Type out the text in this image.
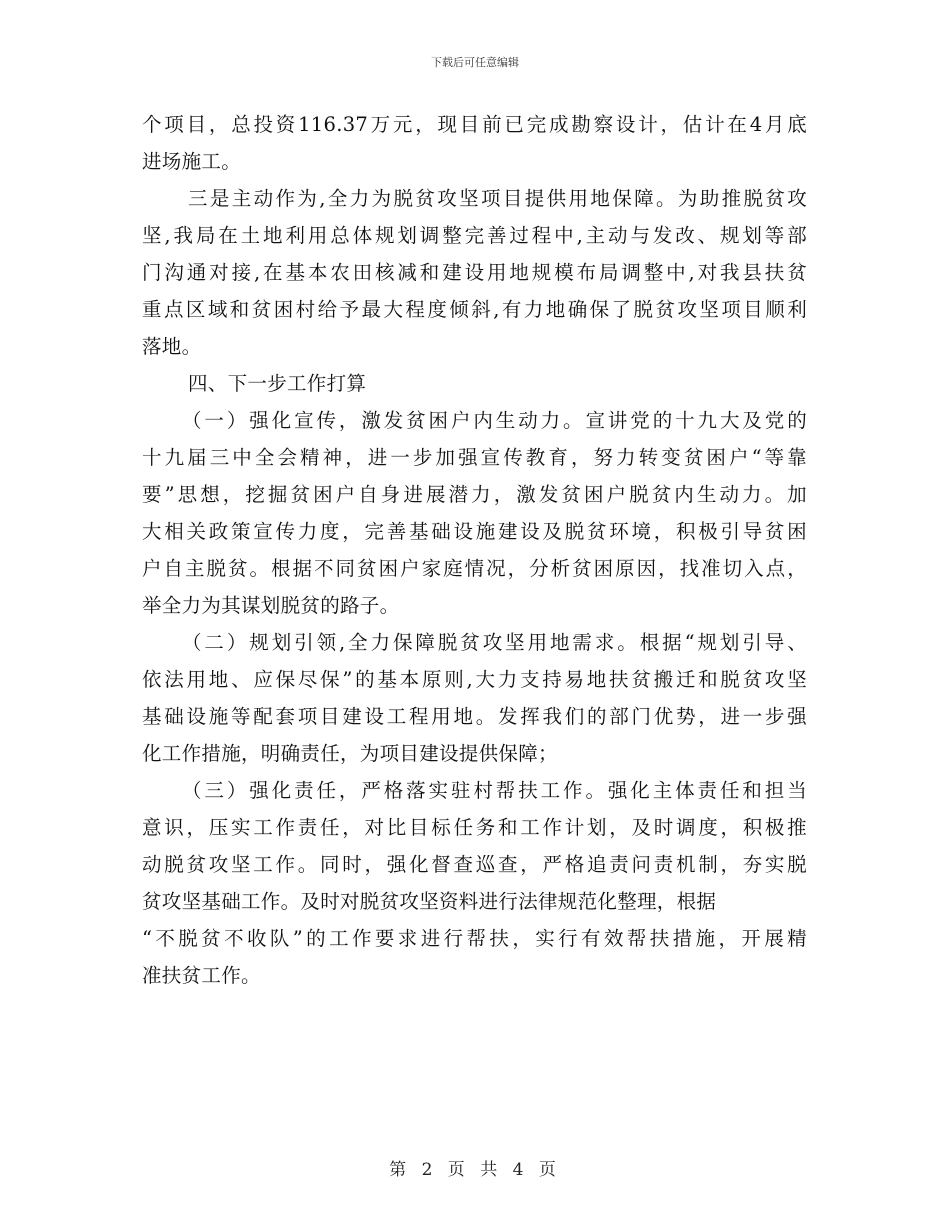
下载后可任意编辑
个项目，总投资116.37万元，现目前已完成勘察设计，估计在4月底
进场施工。
三是主动作为,全力为脱贫攻坚项目提供用地保障。为助推脱贫攻
坚,我局在土地利用总体规划调整完善过程中,主动与发改、规划等部
门沟通对接,在基本农田核减和建设用地规模布局调整中,对我县扶贫
重点区域和贫困村给予最大程度倾斜,有力地确保了脱贫攻坚项目顺利
落地。
四、下一步工作打算
（一）强化宣传，激发贫困户内生动力。宣讲党的十九大及党的
十九届三中全会精神，进一步加强宣传教育，努力转变贫困户“等靠
要”思想，挖掘贫困户自身进展潜力，激发贫困户脱贫内生动力。加
大相关政策宣传力度，完善基础设施建设及脱贫环境，积极引导贫困
户自主脱贫。根据不同贫困户家庭情况，分析贫困原因，找准切入点，
举全力为其谋划脱贫的路子。
（二）规划引领,全力保障脱贫攻坚用地需求。根据“规划引导、
依法用地、应保尽保”的基本原则,大力支持易地扶贫搬迁和脱贫攻坚
基础设施等配套项目建设工程用地。发挥我们的部门优势，进一步强
化工作措施，明确责任，为项目建设提供保障；
（三）强化责任，严格落实驻村帮扶工作。强化主体责任和担当
意识，压实工作责任，对比目标任务和工作计划，及时调度，积极推
动脱贫攻坚工作。同时，强化督查巡查，严格追责问责机制，夯实脱
贫攻坚基础工作。及时对脱贫攻坚资料进行法律规范化整理，根据
“不脱贫不收队”的工作要求进行帮扶，实行有效帮扶措施，开展精
准扶贫工作。
第 2 页 共 4 页
